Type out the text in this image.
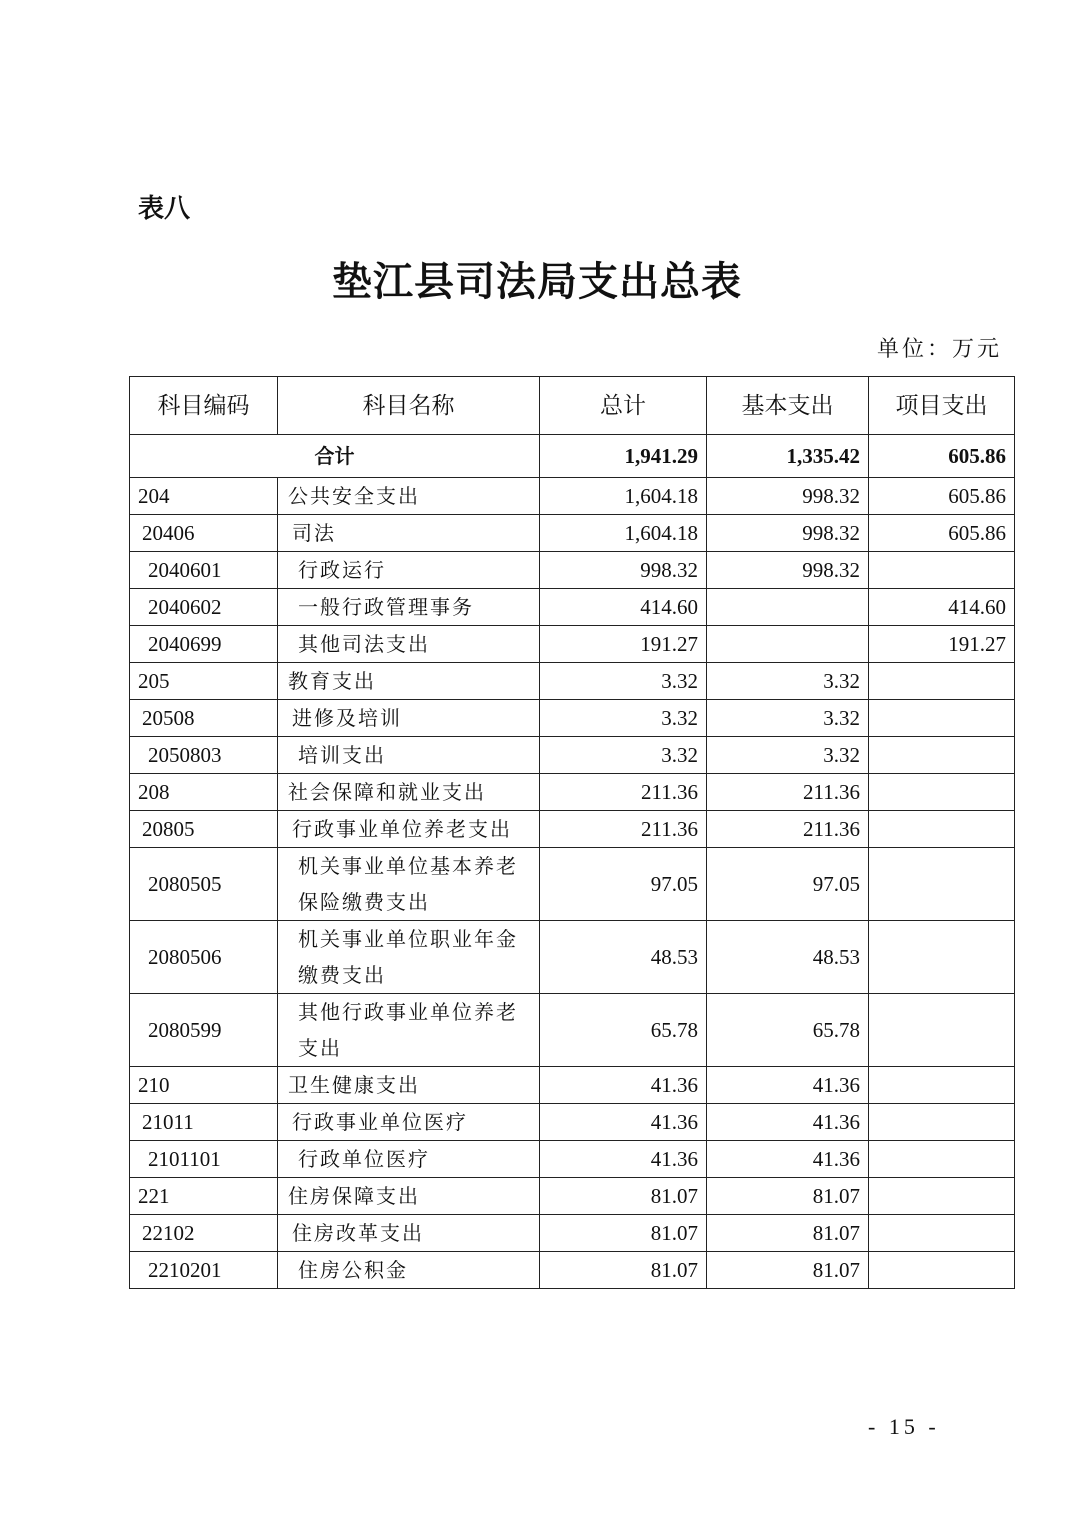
表八
垫江县司法局支出总表
单位：万元
科目编码	科目名称	总计	基本支出	项目支出
合计		1,941.29	1,335.42	605.86
204	公共安全支出	1,604.18	998.32	605.86
20406	司法	1,604.18	998.32	605.86
2040601	行政运行	998.32	998.32	
2040602	一般行政管理事务	414.60		414.60
2040699	其他司法支出	191.27		191.27
205	教育支出	3.32	3.32	
20508	进修及培训	3.32	3.32	
2050803	培训支出	3.32	3.32	
208	社会保障和就业支出	211.36	211.36	
20805	行政事业单位养老支出	211.36	211.36	
2080505	机关事业单位基本养老保险缴费支出	97.05	97.05	
2080506	机关事业单位职业年金缴费支出	48.53	48.53	
2080599	其他行政事业单位养老支出	65.78	65.78	
210	卫生健康支出	41.36	41.36	
21011	行政事业单位医疗	41.36	41.36	
2101101	行政单位医疗	41.36	41.36	
221	住房保障支出	81.07	81.07	
22102	住房改革支出	81.07	81.07	
2210201	住房公积金	81.07	81.07	
- 15 -
